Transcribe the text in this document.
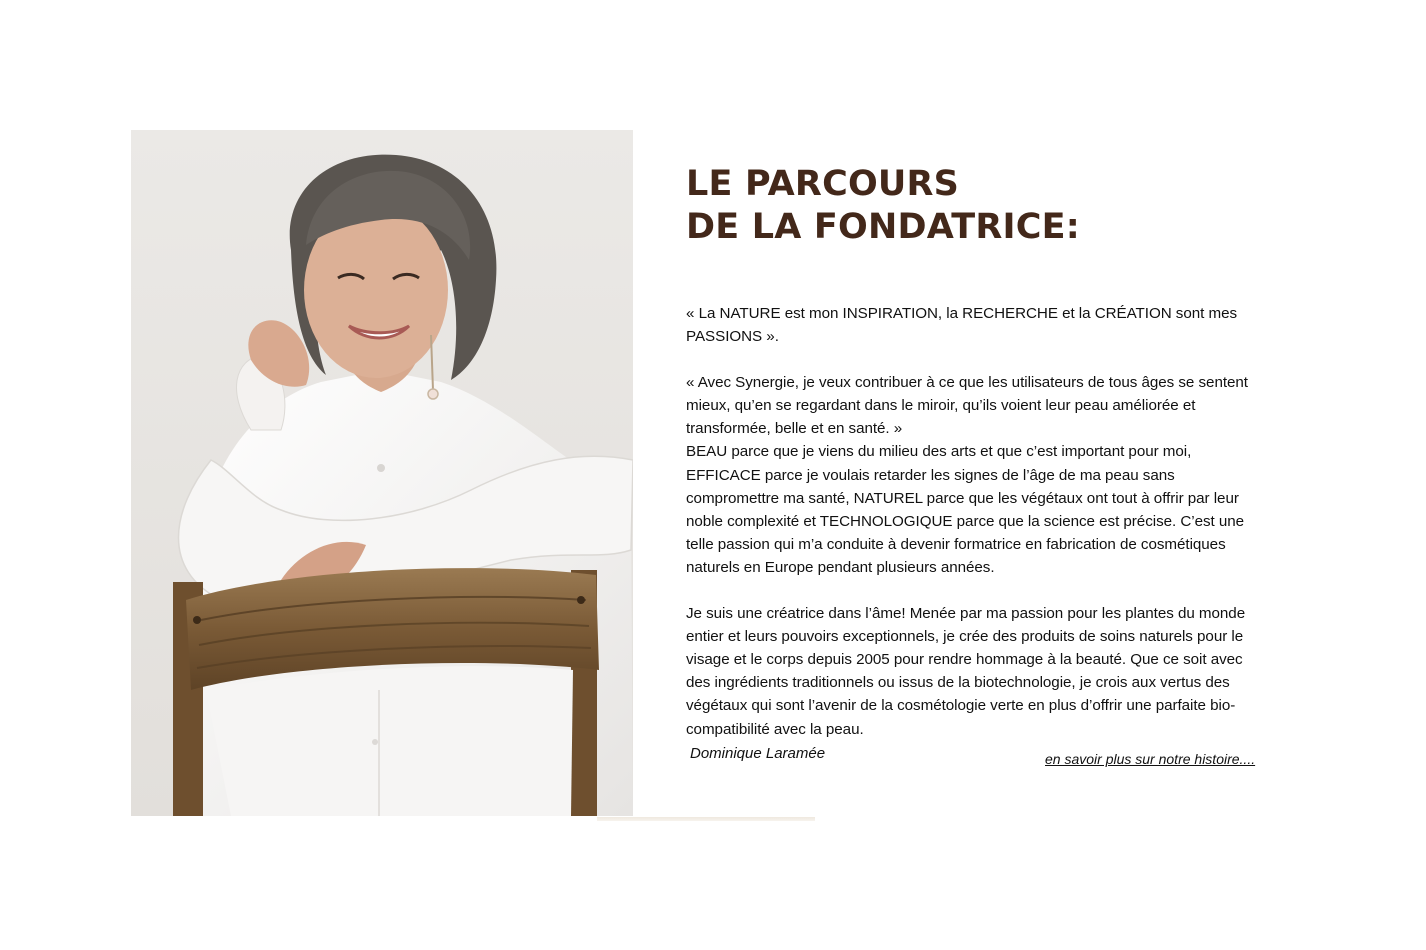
LE PARCOURS
DE LA FONDATRICE:

« La NATURE est mon INSPIRATION, la RECHERCHE et la CRÉATION sont mes PASSIONS ».

« Avec Synergie, je veux contribuer à ce que les utilisateurs de tous âges se sentent mieux, qu’en se regardant dans le miroir, qu’ils voient leur peau améliorée et transformée, belle et en santé. »

BEAU parce que je viens du milieu des arts et que c’est important pour moi, EFFICACE parce je voulais retarder les signes de l’âge de ma peau sans compromettre ma santé, NATUREL parce que les végétaux ont tout à offrir par leur noble complexité et TECHNOLOGIQUE parce que la science est précise. C’est une telle passion qui m’a conduite à devenir formatrice en fabrication de cosmétiques naturels en Europe pendant plusieurs années.

Je suis une créatrice dans l’âme! Menée par ma passion pour les plantes du monde entier et leurs pouvoirs exceptionnels, je crée des produits de soins naturels pour le visage et le corps depuis 2005 pour rendre hommage à la beauté. Que ce soit avec des ingrédients traditionnels ou issus de la biotechnologie, je crois aux vertus des végétaux qui sont l’avenir de la cosmétologie verte en plus d’offrir une parfaite bio-compatibilité avec la peau.

Dominique Laramée	en savoir plus sur notre histoire....
